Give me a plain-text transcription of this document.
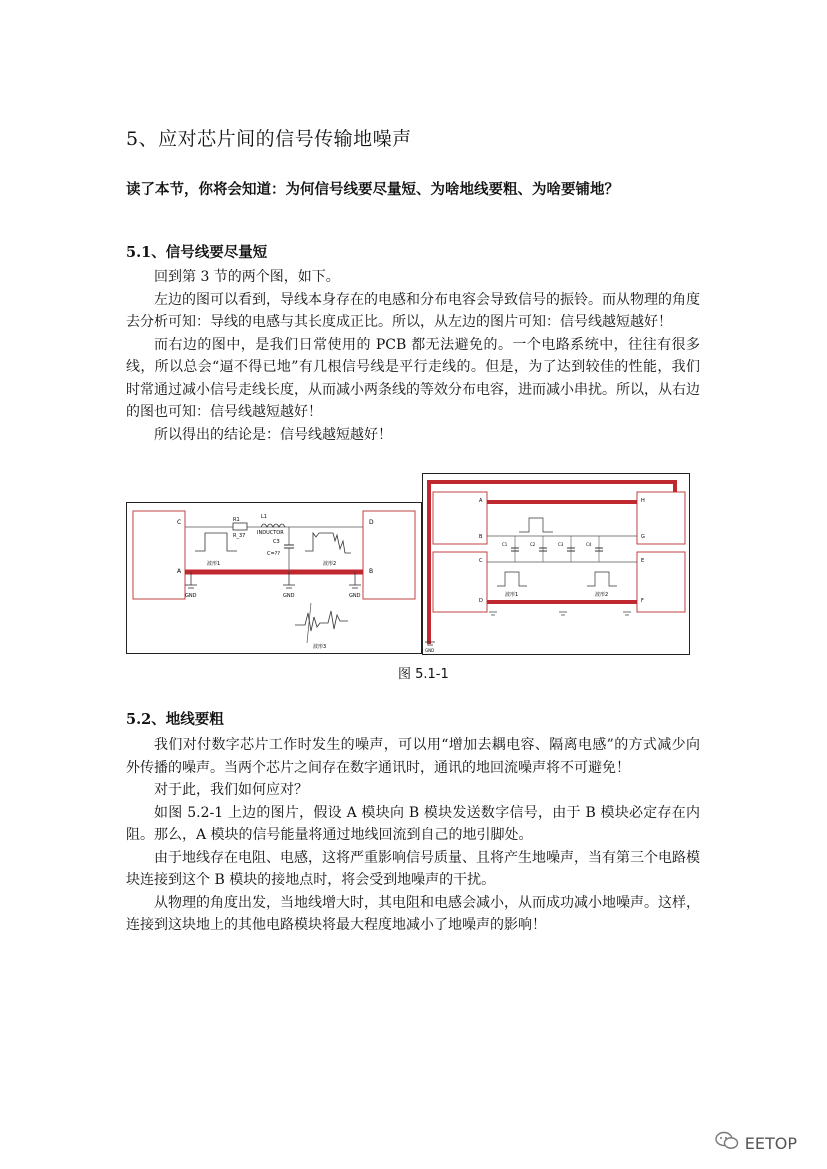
5、应对芯片间的信号传输地噪声
读了本节，你将会知道：为何信号线要尽量短、为啥地线要粗、为啥要铺地？
5.1、信号线要尽量短

回到第 3 节的两个图，如下。

左边的图可以看到，导线本身存在的电感和分布电容会导致信号的振铃。而从物理的角度去分析可知：导线的电感与其长度成正比。所以，从左边的图片可知：信号线越短越好！

而右边的图中，是我们日常使用的 PCB 都无法避免的。一个电路系统中，往往有很多线，所以总会“逼不得已地”有几根信号线是平行走线的。但是，为了达到较佳的性能，我们时常通过减小信号走线长度，从而减小两条线的等效分布电容，进而减小串扰。所以，从右边的图也可知：信号线越短越好！

所以得出的结论是：信号线越短越好！

C	D
A	B
R1
R_37
L1
INDUCTOR
C3
C=??
波形1	波形2
波形3
GND	GND	GND
A
B
C
D
H
G
E
F
C1	C2	C3	C4
波形1	波形2
GND
图 5.1-1
5.2、地线要粗

我们对付数字芯片工作时发生的噪声，可以用“增加去耦电容、隔离电感”的方式减少向外传播的噪声。当两个芯片之间存在数字通讯时，通讯的地回流噪声将不可避免！

对于此，我们如何应对？

如图 5.2-1 上边的图片，假设 A 模块向 B 模块发送数字信号，由于 B 模块必定存在内阻。那么，A 模块的信号能量将通过地线回流到自己的地引脚处。

由于地线存在电阻、电感，这将严重影响信号质量、且将产生地噪声，当有第三个电路模块连接到这个 B 模块的接地点时，将会受到地噪声的干扰。

从物理的角度出发，当地线增大时，其电阻和电感会减小，从而成功减小地噪声。这样，连接到这块地上的其他电路模块将最大程度地减小了地噪声的影响！

EETOP
